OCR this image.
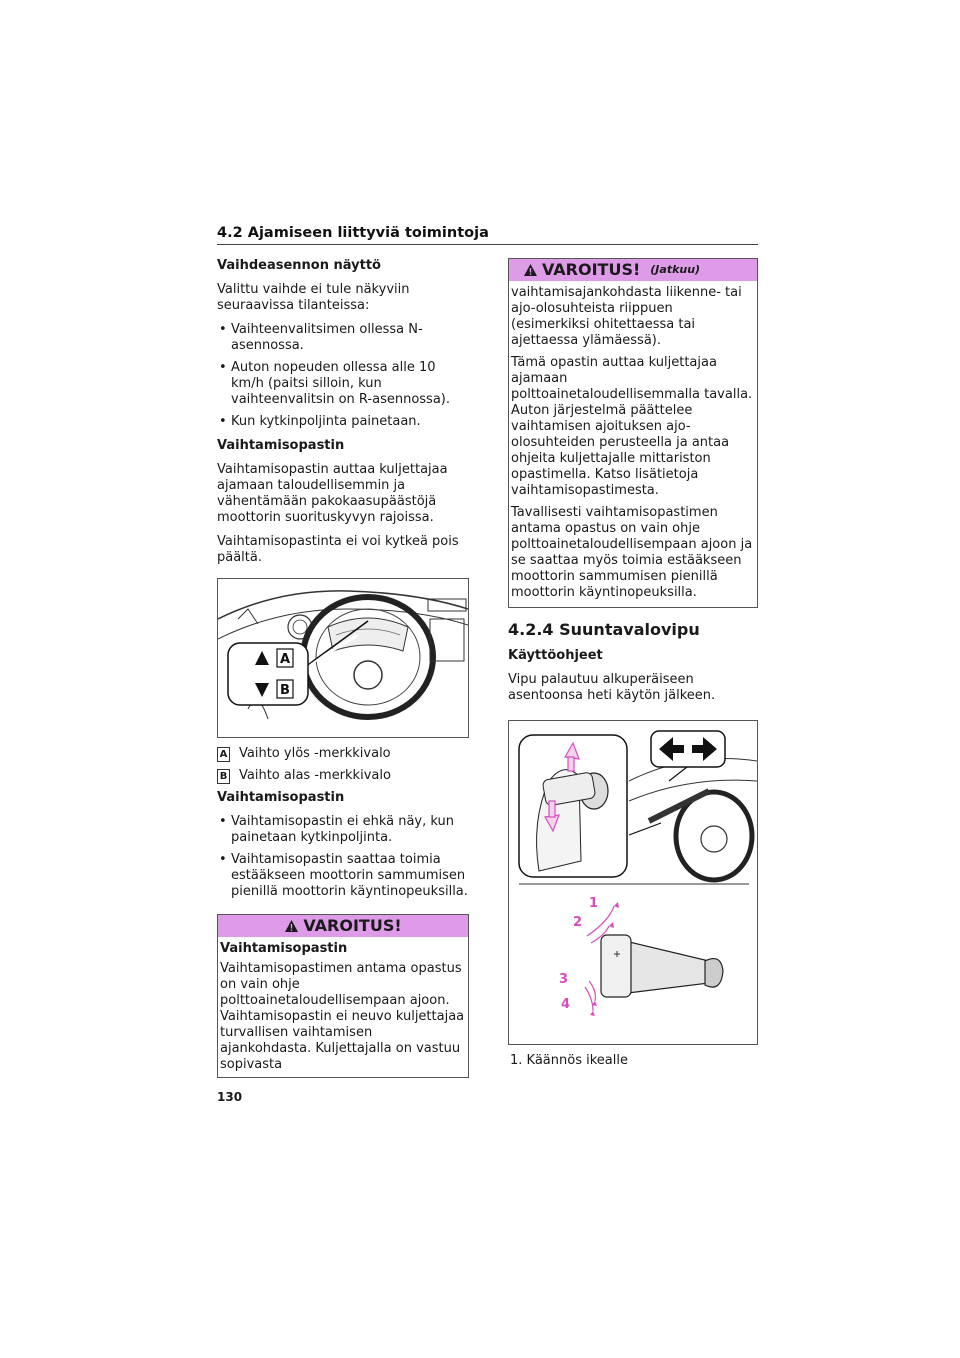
4.2 Ajamiseen liittyviä toimintoja
Vaihdeasennon näyttö

Valittu vaihde ei tule näkyviin seuraavissa tilanteissa:

• Vaihteenvalitsimen ollessa N-asennossa.
• Auton nopeuden ollessa alle 10 km/h (paitsi silloin, kun vaihteenvalitsin on R-asennossa).
• Kun kytkinpoljinta painetaan.
Vaihtamisopastin

Vaihtamisopastin auttaa kuljettajaa ajamaan taloudellisemmin ja vähentämään pakokaasupäästöjä moottorin suorituskyvyn rajoissa.

Vaihtamisopastinta ei voi kytkeä pois päältä.

A
B
A Vaihto ylös -merkkivalo
B Vaihto alas -merkkivalo
Vaihtamisopastin
• Vaihtamisopastin ei ehkä näy, kun painetaan kytkinpoljinta.
• Vaihtamisopastin saattaa toimia estääkseen moottorin sammumisen pienillä moottorin käyntinopeuksilla.
VAROITUS!
Vaihtamisopastin

Vaihtamisopastimen antama opastus on vain ohje polttoainetaloudellisempaan ajoon. Vaihtamisopastin ei neuvo kuljettajaa turvallisen vaihtamisen ajankohdasta. Kuljettajalla on vastuu sopivasta

VAROITUS! (Jatkuu)

vaihtamisajankohdasta liikenne- tai ajo-olosuhteista riippuen (esimerkiksi ohitettaessa tai ajettaessa ylämäessä).

Tämä opastin auttaa kuljettajaa ajamaan polttoainetaloudellisemmalla tavalla. Auton järjestelmä päättelee vaihtamisen ajoituksen ajo-olosuhteiden perusteella ja antaa ohjeita kuljettajalle mittariston opastimella. Katso lisätietoja vaihtamisopastimesta.

Tavallisesti vaihtamisopastimen antama opastus on vain ohje polttoainetaloudellisempaan ajoon ja se saattaa myös toimia estääkseen moottorin sammumisen pienillä moottorin käyntinopeuksilla.

4.2.4 Suuntavalovipu
Käyttöohjeet

Vipu palautuu alkuperäiseen asentoonsa heti käytön jälkeen.

1
2
3
4
1. Käännös ikealle
130
